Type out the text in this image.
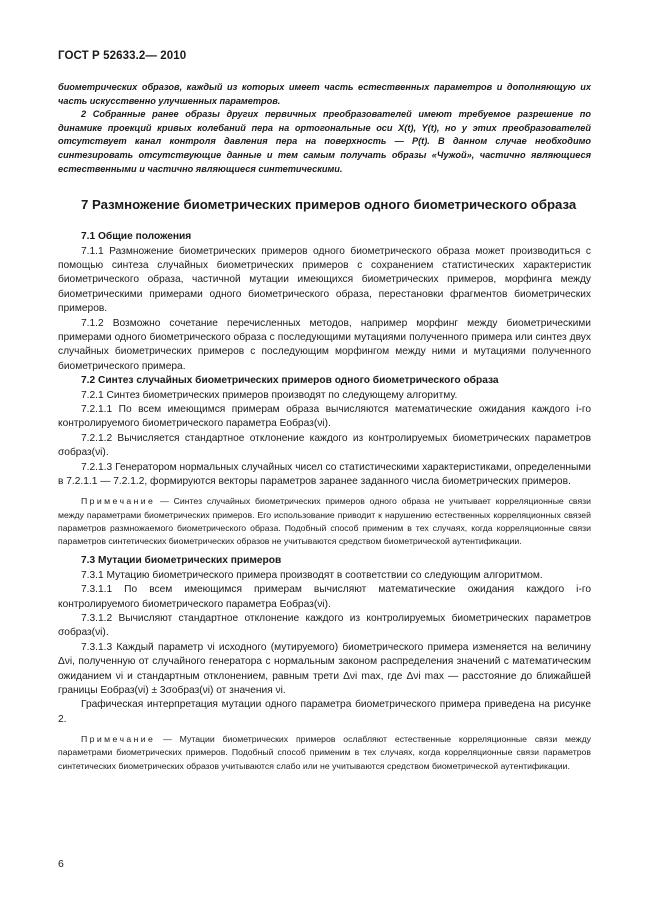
ГОСТ Р 52633.2— 2010

биометрических образов, каждый из которых имеет часть естественных параметров и дополняющую их часть искусственно улучшенных параметров.

2 Собранные ранее образы других первичных преобразователей имеют требуемое разрешение по динамике проекций кривых колебаний пера на ортогональные оси X(t), Y(t), но у этих преобразователей отсутствует канал контроля давления пера на поверхность — P(t). В данном случае необходимо синтезировать отсутствующие данные и тем самым получать образы «Чужой», частично являющиеся естественными и частично являющиеся синтетическими.

7 Размножение биометрических примеров одного биометрического образа
7.1 Общие положения

7.1.1 Размножение биометрических примеров одного биометрического образа может производиться с помощью синтеза случайных биометрических примеров с сохранением статистических характеристик биометрического образа, частичной мутации имеющихся биометрических примеров, морфинга между биометрическими примерами одного биометрического образа, перестановки фрагментов биометрических примеров.

7.1.2 Возможно сочетание перечисленных методов, например морфинг между биометрическими примерами одного биометрического образа с последующими мутациями полученного примера или синтез двух случайных биометрических примеров с последующим морфингом между ними и мутациями полученного биометрического примера.

7.2 Синтез случайных биометрических примеров одного биометрического образа

7.2.1 Синтез биометрических примеров производят по следующему алгоритму.

7.2.1.1 По всем имеющимся примерам образа вычисляются математические ожидания каждого i-го контролируемого биометрического параметра Eобраз(νi).

7.2.1.2 Вычисляется стандартное отклонение каждого из контролируемых биометрических параметров σобраз(νi).

7.2.1.3 Генератором нормальных случайных чисел со статистическими характеристиками, определенными в 7.2.1.1 — 7.2.1.2, формируются векторы параметров заранее заданного числа биометрических примеров.

Примечание — Синтез случайных биометрических примеров одного образа не учитывает корреляционные связи между параметрами биометрических примеров. Его использование приводит к нарушению естественных корреляционных связей параметров размножаемого биометрического образа. Подобный способ применим в тех случаях, когда корреляционные связи параметров синтетических биометрических образов не учитываются средством биометрической аутентификации.

7.3 Мутации биометрических примеров

7.3.1 Мутацию биометрического примера производят в соответствии со следующим алгоритмом.

7.3.1.1 По всем имеющимся примерам вычисляют математические ожидания каждого i-го контролируемого биометрического параметра Eобраз(νi).

7.3.1.2 Вычисляют стандартное отклонение каждого из контролируемых биометрических параметров σобраз(νi).

7.3.1.3 Каждый параметр νi исходного (мутируемого) биометрического примера изменяется на величину Δνi, полученную от случайного генератора с нормальным законом распределения значений с математическим ожиданием νi и стандартным отклонением, равным трети Δνi max, где Δνi max — расстояние до ближайшей границы Eобраз(νi) ± 3σобраз(νi) от значения νi.

Графическая интерпретация мутации одного параметра биометрического примера приведена на рисунке 2.

Примечание — Мутации биометрических примеров ослабляют естественные корреляционные связи между параметрами биометрических примеров. Подобный способ применим в тех случаях, когда корреляционные связи параметров синтетических биометрических образов учитываются слабо или не учитываются средством биометрической аутентификации.

6
